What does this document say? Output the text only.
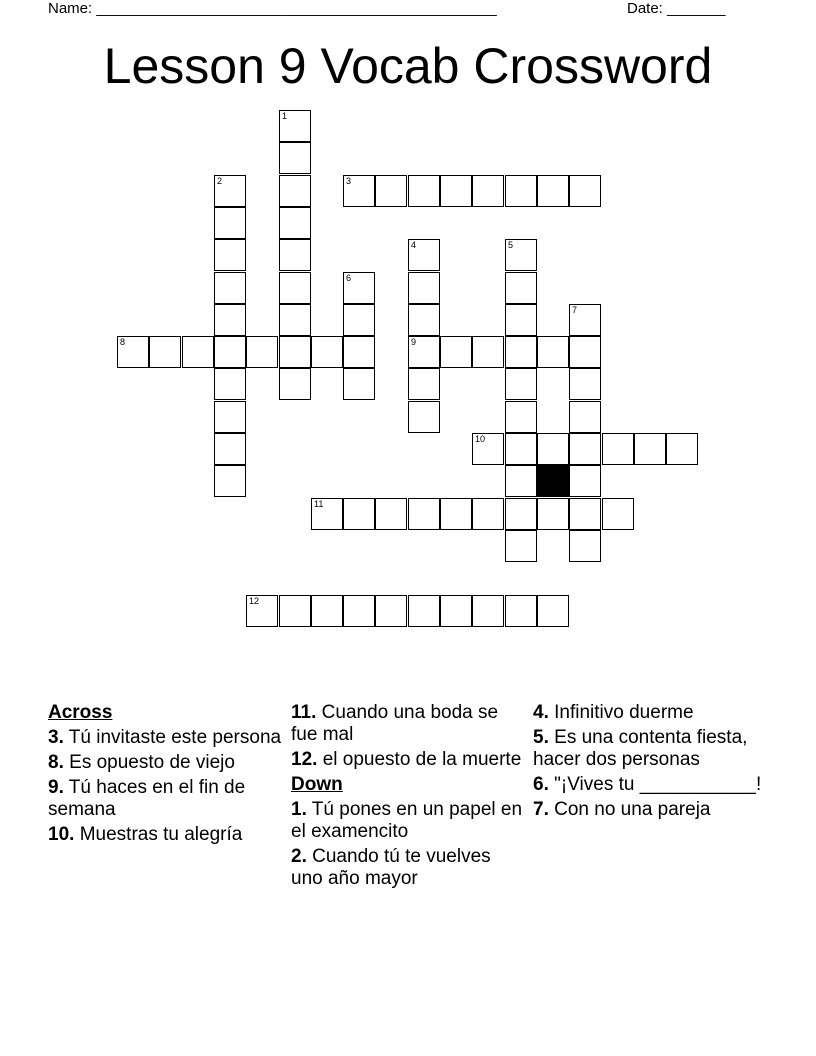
Name: ________________________________________________	Date: _______
Lesson 9 Vocab Crossword
1
2	3
4
9
5
6
7
8
10
11
12
Across
3. Tú invitaste este persona
8. Es opuesto de viejo
9. Tú haces en el fin de semana
10. Muestras tu alegría
11. Cuando una boda se fue mal
12. el opuesto de la muerte
Down
1. Tú pones en un papel en el examencito
2. Cuando tú te vuelves uno año mayor
4. Infinitivo duerme
5. Es una contenta fiesta, hacer dos personas
6. "¡Vives tu ___________!
7. Con no una pareja
